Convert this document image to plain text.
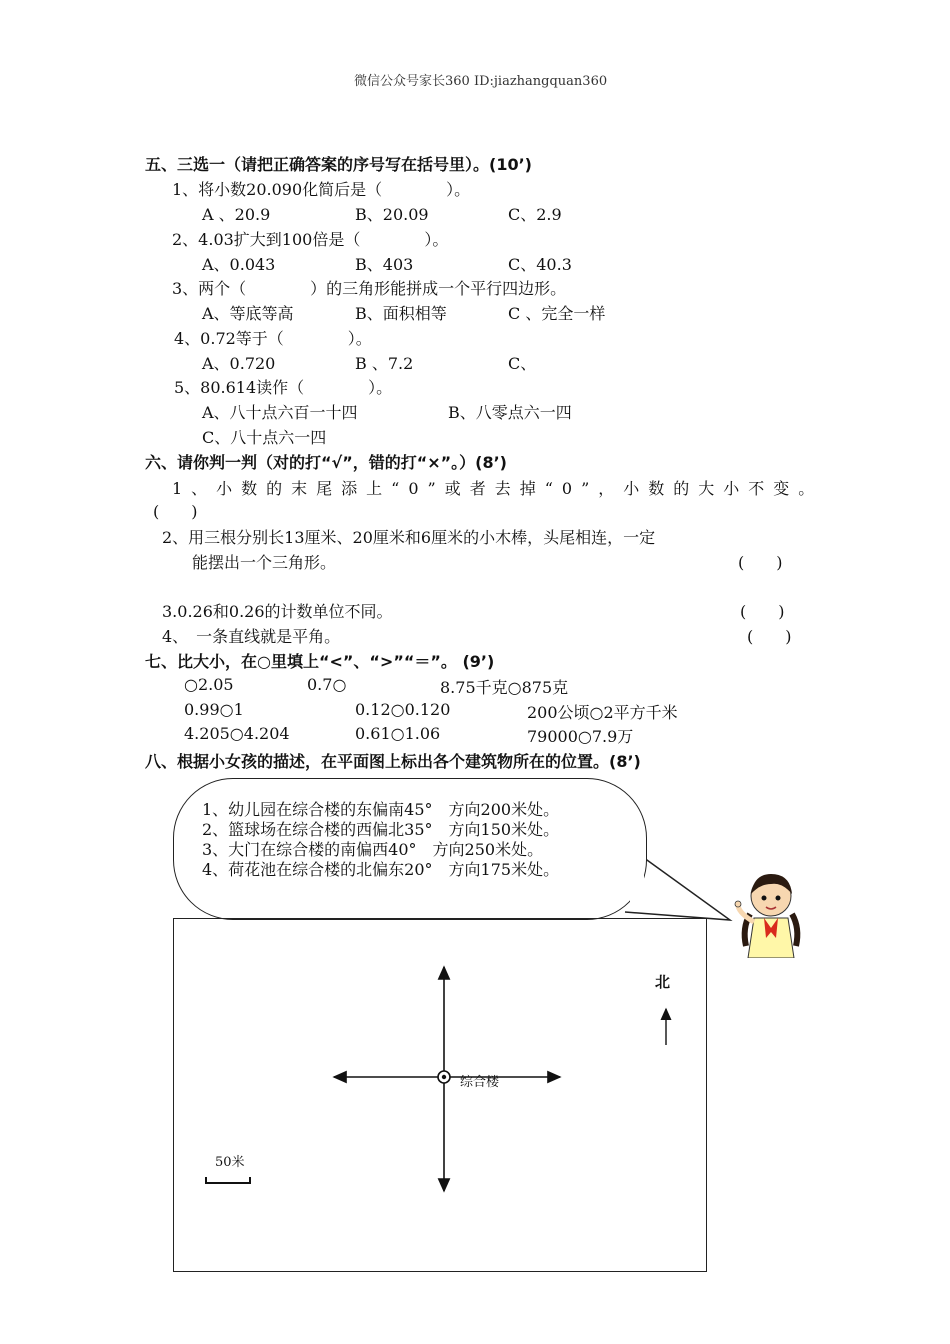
微信公众号家长360 ID:jiazhangquan360
五、三选一（请把正确答案的序号写在括号里）。(10’)
1、将小数20.090化简后是（　　　　）。
A 、20.9	B、20.09	C、2.9
2、4.03扩大到100倍是（　　　　）。
A、0.043	B、403	C、40.3
3、两个（　　　　）的三角形能拼成一个平行四边形。
A、等底等高	B、面积相等	C 、完全一样
4、0.72等于（　　　　）。
A、0.720	B 、7.2	C、
5、80.614读作（　　　　）。
A、八十点六百一十四	B、八零点六一四
C、八十点六一四
六、请你判一判（对的打“√”，错的打“×”。）(8’)
1、小数的末尾添上“0”或者去掉“0”，小数的大小不变。
(　　)
2、用三根分别长13厘米、20厘米和6厘米的小木棒，头尾相连，一定
能摆出一个三角形。	(　　)
3.0.26和0.26的计数单位不同。	(　　)
4、　一条直线就是平角。	(　　)
七、比大小，在○里填上“<”、“>”“＝”。 (9’)
○2.05	0.7○	8.75千克○875克
0.99○1	0.12○0.120	200公顷○2平方千米
4.205○4.204	0.61○1.06	79000○7.9万
八、根据小女孩的描述，在平面图上标出各个建筑物所在的位置。(8’)
1、幼儿园在综合楼的东偏南45°　方向200米处。
2、篮球场在综合楼的西偏北35°　方向150米处。
3、大门在综合楼的南偏西40°　方向250米处。
4、荷花池在综合楼的北偏东20°　方向175米处。
北
综合楼
50米
